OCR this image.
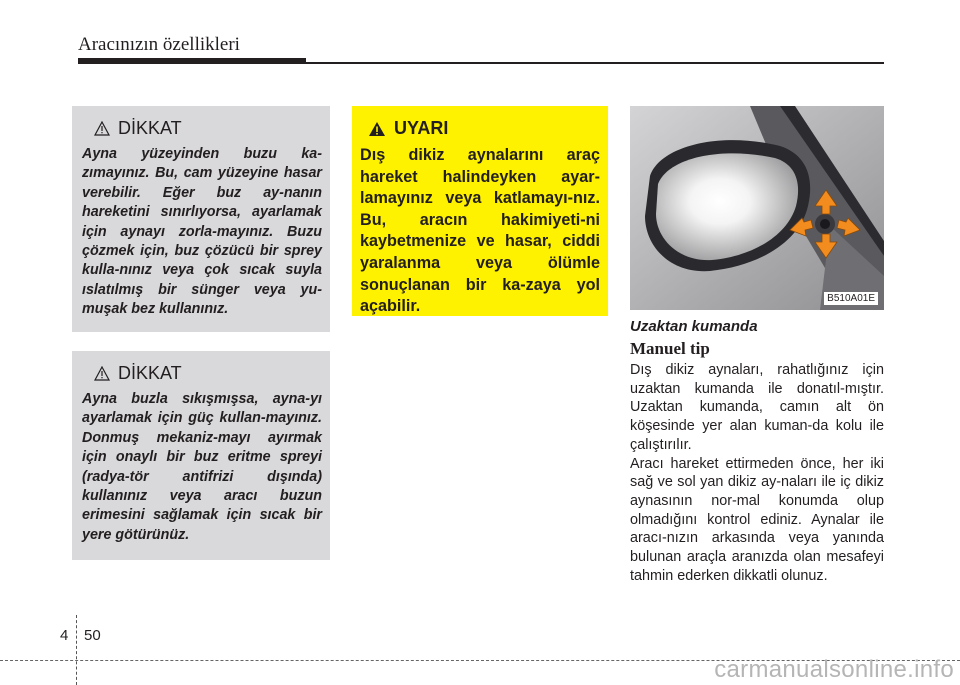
Aracınızın özellikleri
DİKKAT
Ayna yüzeyinden buzu ka-zımayınız. Bu, cam yüzeyine hasar verebilir. Eğer buz ay-nanın hareketini sınırlıyorsa, ayarlamak için aynayı zorla-mayınız. Buzu çözmek için, buz çözücü bir sprey kulla-nınız veya çok sıcak suyla ıslatılmış bir sünger veya yu-muşak bez kullanınız.
DİKKAT
Ayna buzla sıkışmışsa, ayna-yı ayarlamak için güç kullan-mayınız. Donmuş mekaniz-mayı ayırmak için onaylı bir buz eritme spreyi (radya-tör antifrizi dışında) kullanınız veya aracı buzun erimesini sağlamak için sıcak bir yere götürünüz.
UYARI
Dış dikiz aynalarını araç hareket halindeyken ayar-lamayınız veya katlamayı-nız. Bu, aracın hakimiyeti-ni kaybetmenize ve hasar, ciddi yaralanma veya ölümle sonuçlanan bir ka-zaya yol açabilir.	B510A01E
Uzaktan kumanda
Manuel tip

Dış dikiz aynaları, rahatlığınız için uzaktan kumanda ile donatıl-mıştır. Uzaktan kumanda, camın alt ön köşesinde yer alan kuman-da kolu ile çalıştırılır.

Aracı hareket ettirmeden önce, her iki sağ ve sol yan dikiz ay-naları ile iç dikiz aynasının nor-mal konumda olup olmadığını kontrol ediniz. Aynalar ile aracı-nızın arkasında veya yanında bulunan araçla aranızda olan mesafeyi tahmin ederken dikkatli olunuz.

4 50
carmanualsonline.info
